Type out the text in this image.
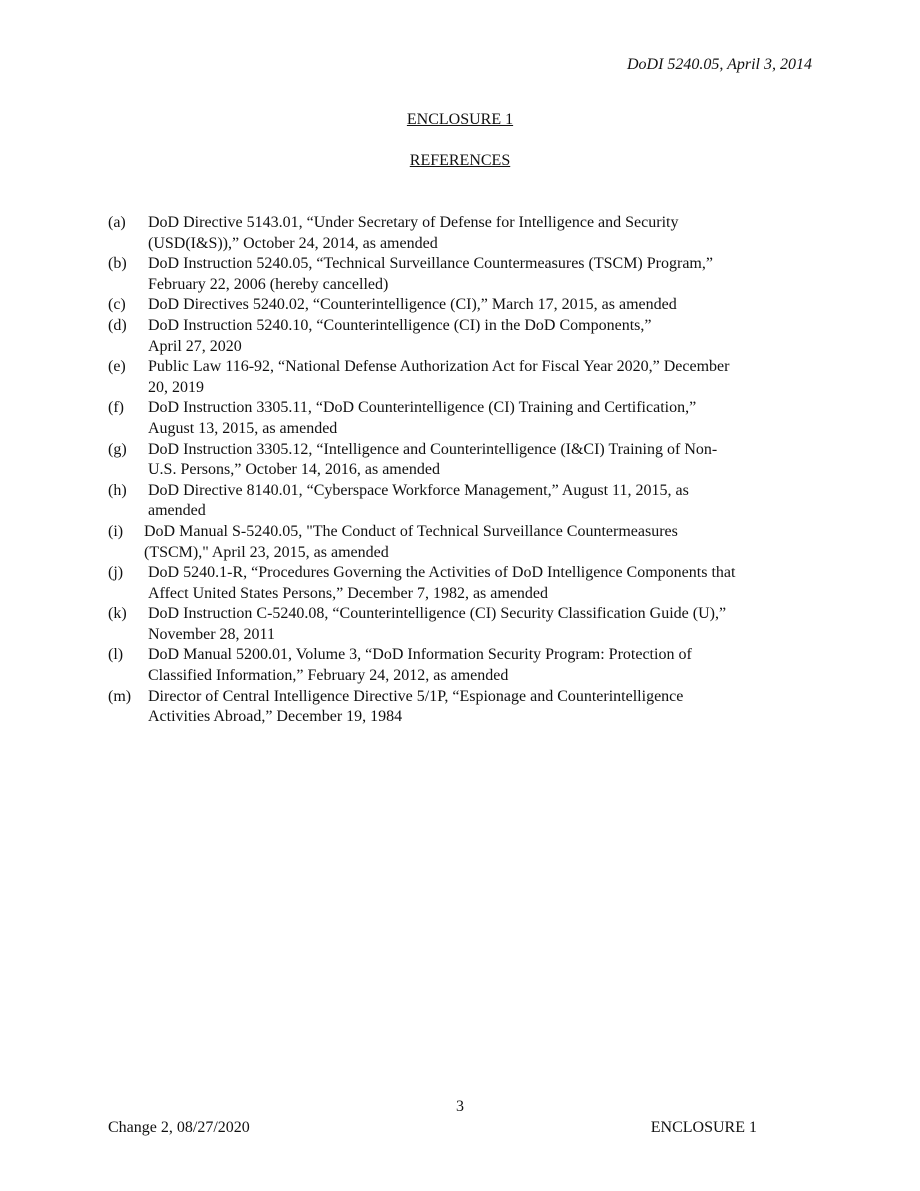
DoDI 5240.05, April 3, 2014
ENCLOSURE 1
REFERENCES
(a) DoD Directive 5143.01, “Under Secretary of Defense for Intelligence and Security
(USD(I&S)),” October 24, 2014, as amended
(b) DoD Instruction 5240.05, “Technical Surveillance Countermeasures (TSCM) Program,”
February 22, 2006 (hereby cancelled)
(c) DoD Directives 5240.02, “Counterintelligence (CI),” March 17, 2015, as amended
(d) DoD Instruction 5240.10, “Counterintelligence (CI) in the DoD Components,”
April 27, 2020
(e) Public Law 116-92, “National Defense Authorization Act for Fiscal Year 2020,” December
20, 2019
(f) DoD Instruction 3305.11, “DoD Counterintelligence (CI) Training and Certification,”
August 13, 2015, as amended
(g) DoD Instruction 3305.12, “Intelligence and Counterintelligence (I&CI) Training of Non-
U.S. Persons,” October 14, 2016, as amended
(h) DoD Directive 8140.01, “Cyberspace Workforce Management,” August 11, 2015, as
amended
(i) DoD Manual S-5240.05, "The Conduct of Technical Surveillance Countermeasures
(TSCM)," April 23, 2015, as amended
(j) DoD 5240.1-R, “Procedures Governing the Activities of DoD Intelligence Components that
Affect United States Persons,” December 7, 1982, as amended
(k) DoD Instruction C-5240.08, “Counterintelligence (CI) Security Classification Guide (U),”
November 28, 2011
(l) DoD Manual 5200.01, Volume 3, “DoD Information Security Program: Protection of
Classified Information,” February 24, 2012, as amended
(m) Director of Central Intelligence Directive 5/1P, “Espionage and Counterintelligence
Activities Abroad,” December 19, 1984
3
Change 2, 08/27/2020	ENCLOSURE 1
